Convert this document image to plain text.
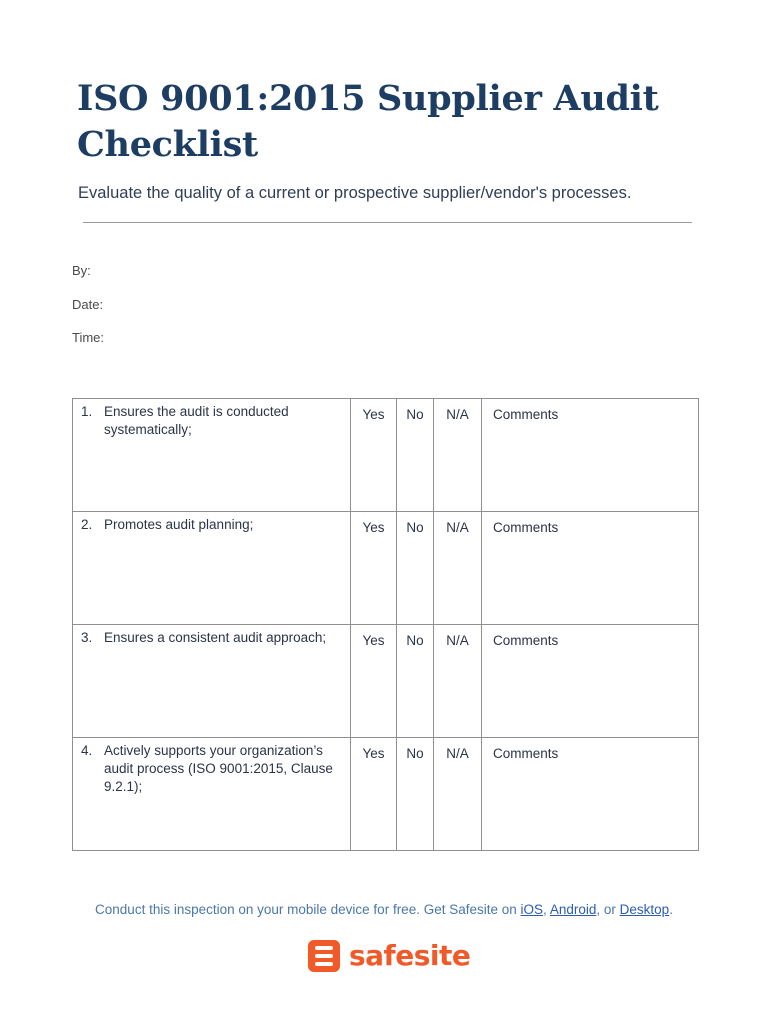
ISO 9001:2015 Supplier Audit Checklist

Evaluate the quality of a current or prospective supplier/vendor's processes.

By:
Date:
Time:
1. Ensures the audit is conducted systematically;	Yes	No	N/A	Comments

2. Promotes audit planning;	Yes	No	N/A	Comments

3. Ensures a consistent audit approach;	Yes	No	N/A	Comments

4. Actively supports your organization’s audit process (ISO 9001:2015, Clause 9.2.1);	Yes	No	N/A	Comments
Conduct this inspection on your mobile device for free. Get Safesite on iOS, Android, or Desktop.
safesite
